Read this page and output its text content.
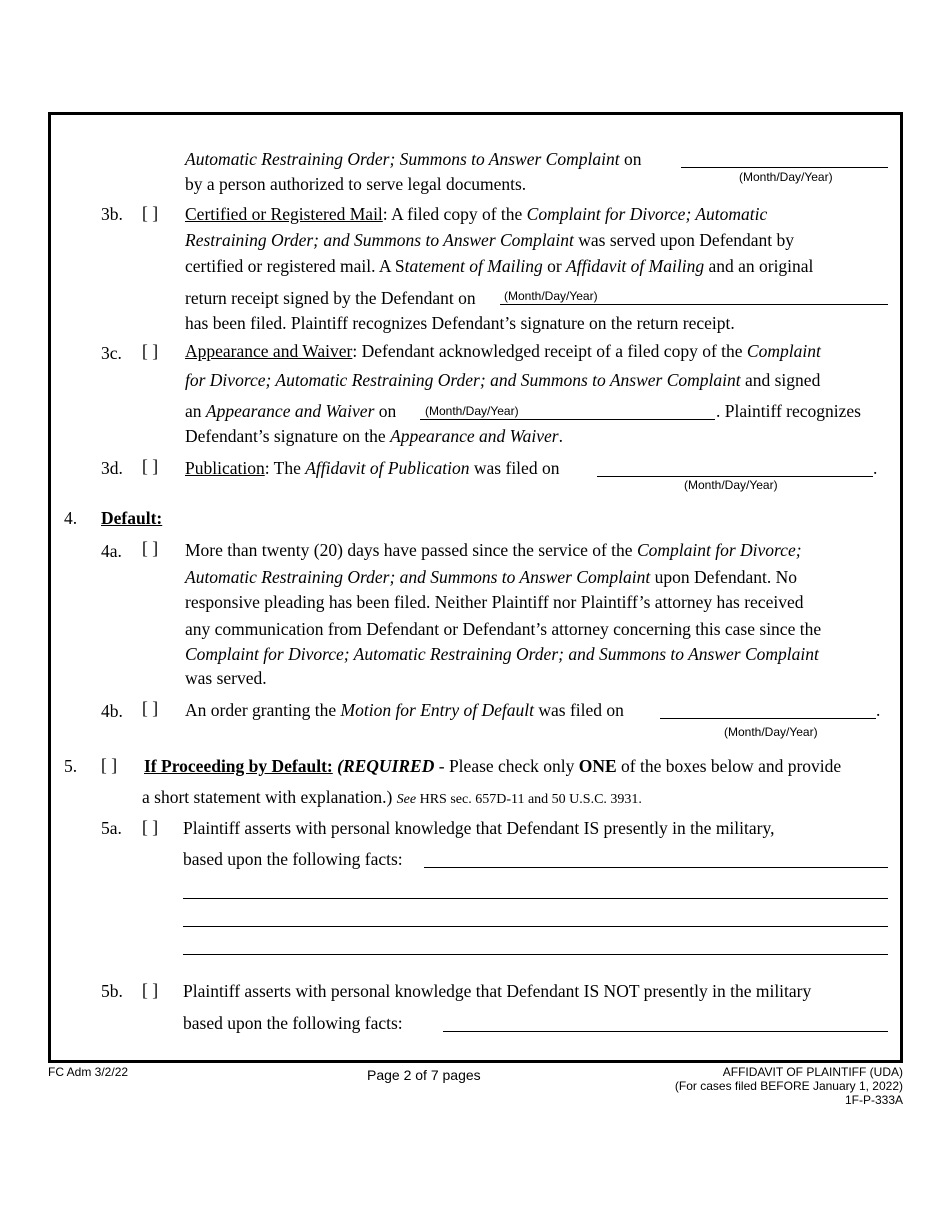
Automatic Restraining Order; Summons to Answer Complaint on
(Month/Day/Year)
by a person authorized to serve legal documents.
3b. [ ] Certified or Registered Mail: A filed copy of the Complaint for Divorce; Automatic
Restraining Order; and Summons to Answer Complaint was served upon Defendant by
certified or registered mail. A Statement of Mailing or Affidavit of Mailing and an original
return receipt signed by the Defendant on (Month/Day/Year)
has been filed. Plaintiff recognizes Defendant’s signature on the return receipt.
3c. [ ] Appearance and Waiver: Defendant acknowledged receipt of a filed copy of the Complaint
for Divorce; Automatic Restraining Order; and Summons to Answer Complaint and signed
an Appearance and Waiver on (Month/Day/Year)	. Plaintiff recognizes
Defendant’s signature on the Appearance and Waiver.
3d. [ ] Publication: The Affidavit of Publication was filed on	.
(Month/Day/Year)
4. Default:
4a. [ ] More than twenty (20) days have passed since the service of the Complaint for Divorce;
Automatic Restraining Order; and Summons to Answer Complaint upon Defendant. No
responsive pleading has been filed. Neither Plaintiff nor Plaintiff’s attorney has received
any communication from Defendant or Defendant’s attorney concerning this case since the
Complaint for Divorce; Automatic Restraining Order; and Summons to Answer Complaint
was served.
4b. [ ] An order granting the Motion for Entry of Default was filed on	.
(Month/Day/Year)
5. [ ] If Proceeding by Default: (REQUIRED - Please check only ONE of the boxes below and provide
a short statement with explanation.) See HRS sec. 657D-11 and 50 U.S.C. 3931.
5a. [ ] Plaintiff asserts with personal knowledge that Defendant IS presently in the military,
based upon the following facts:
5b. [ ] Plaintiff asserts with personal knowledge that Defendant IS NOT presently in the military
based upon the following facts:
FC Adm 3/2/22	Page 2 of 7 pages	AFFIDAVIT OF PLAINTIFF (UDA)
(For cases filed BEFORE January 1, 2022)
1F-P-333A
